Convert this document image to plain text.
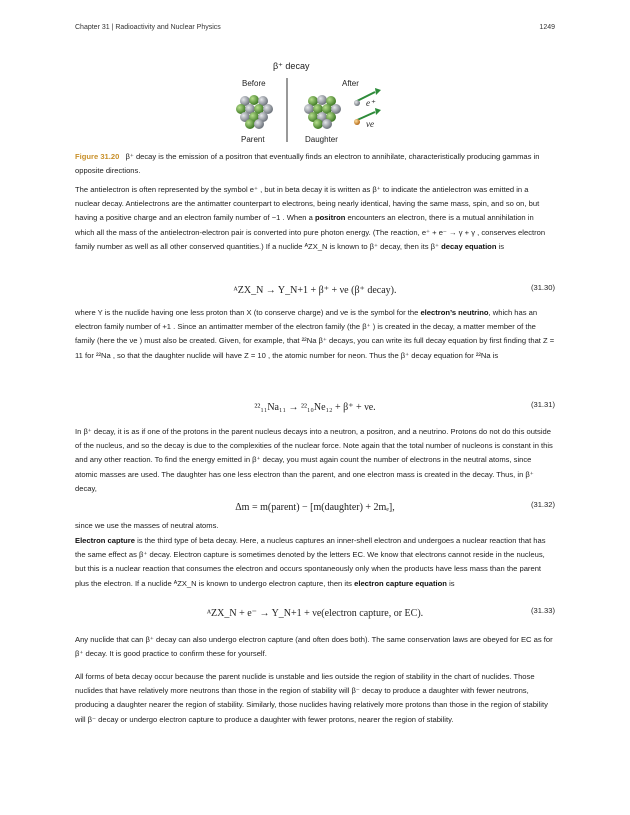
Chapter 31 | Radioactivity and Nuclear Physics	1249
β⁺ decay
Before	After
e⁺
νe
Parent	Daughter
Figure 31.20 β⁺ decay is the emission of a positron that eventually finds an electron to annihilate, characteristically producing gammas in opposite directions.
The antielectron is often represented by the symbol e⁺ , but in beta decay it is written as β⁺ to indicate the antielectron was emitted in a nuclear decay. Antielectrons are the antimatter counterpart to electrons, being nearly identical, having the same mass, spin, and so on, but having a positive charge and an electron family number of −1 . When a positron encounters an electron, there is a mutual annihilation in which all the mass of the antielectron-electron pair is converted into pure photon energy. (The reaction, e⁺ + e⁻ → γ + γ , conserves electron family number as well as all other conserved quantities.) If a nuclide ᴬZX_N is known to β⁺ decay, then its β⁺ decay equation is
ᴬZX_N → Y_N+1 + β⁺ + νe (β⁺ decay).	(31.30)
where Y is the nuclide having one less proton than X (to conserve charge) and νe is the symbol for the electron’s neutrino, which has an electron family number of +1 . Since an antimatter member of the electron family (the β⁺ ) is created in the decay, a matter member of the family (here the νe ) must also be created. Given, for example, that ²²Na β⁺ decays, you can write its full decay equation by first finding that Z = 11 for ²²Na , so that the daughter nuclide will have Z = 10 , the atomic number for neon. Thus the β⁺ decay equation for ²²Na is
²²₁₁Na₁₁ → ²²₁₀Ne₁₂ + β⁺ + νe.	(31.31)
In β⁺ decay, it is as if one of the protons in the parent nucleus decays into a neutron, a positron, and a neutrino. Protons do not do this outside of the nucleus, and so the decay is due to the complexities of the nuclear force. Note again that the total number of nucleons is constant in this and any other reaction. To find the energy emitted in β⁺ decay, you must again count the number of electrons in the neutral atoms, since atomic masses are used. The daughter has one less electron than the parent, and one electron mass is created in the decay. Thus, in β⁺ decay,
Δm = m(parent) − [m(daughter) + 2mₑ],	(31.32)
since we use the masses of neutral atoms.
Electron capture is the third type of beta decay. Here, a nucleus captures an inner-shell electron and undergoes a nuclear reaction that has the same effect as β⁺ decay. Electron capture is sometimes denoted by the letters EC. We know that electrons cannot reside in the nucleus, but this is a nuclear reaction that consumes the electron and occurs spontaneously only when the products have less mass than the parent plus the electron. If a nuclide ᴬZX_N is known to undergo electron capture, then its electron capture equation is
ᴬZX_N + e⁻ → Y_N+1 + νe(electron capture, or EC).	(31.33)
Any nuclide that can β⁺ decay can also undergo electron capture (and often does both). The same conservation laws are obeyed for EC as for β⁺ decay. It is good practice to confirm these for yourself.
All forms of beta decay occur because the parent nuclide is unstable and lies outside the region of stability in the chart of nuclides. Those nuclides that have relatively more neutrons than those in the region of stability will β⁻ decay to produce a daughter with fewer neutrons, producing a daughter nearer the region of stability. Similarly, those nuclides having relatively more protons than those in the region of stability will β⁻ decay or undergo electron capture to produce a daughter with fewer protons, nearer the region of stability.
